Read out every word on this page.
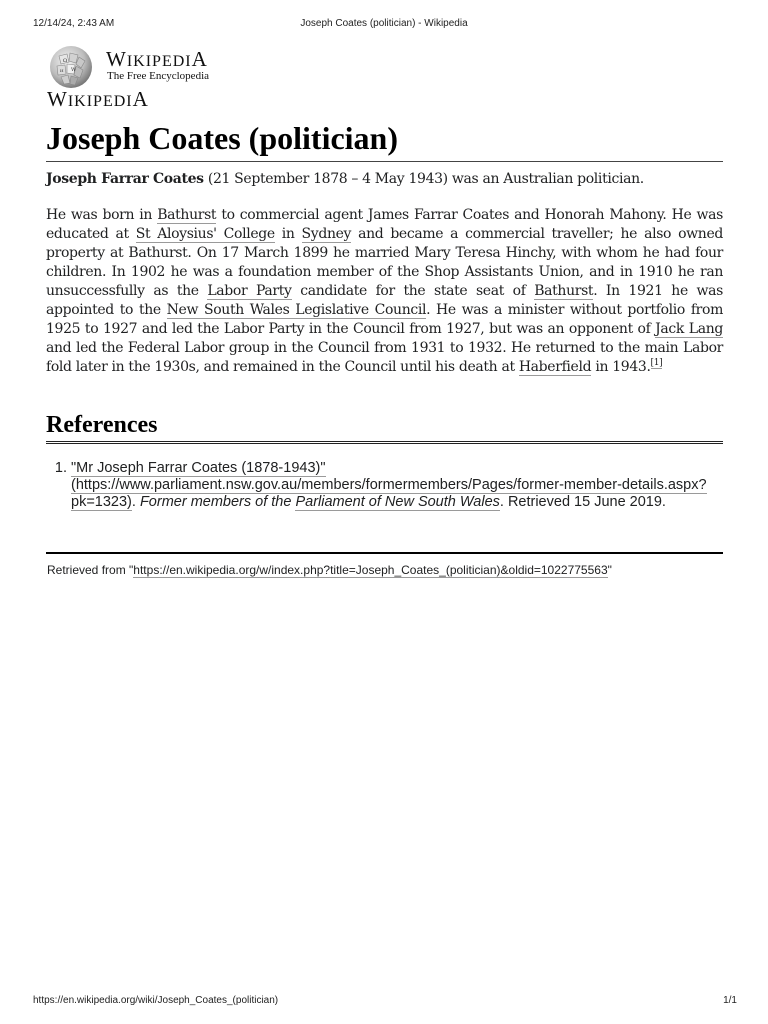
12/14/24, 2:43 AM	Joseph Coates (politician) - Wikipedia
Ω
W
И WIKIPEDIA
The Free Encyclopedia
WIKIPEDIA
Joseph Coates (politician)

Joseph Farrar Coates (21 September 1878 – 4 May 1943) was an Australian politician.

He was born in Bathurst to commercial agent James Farrar Coates and Honorah Mahony. He was educated at St Aloysius' College in Sydney and became a commercial traveller; he also owned property at Bathurst. On 17 March 1899 he married Mary Teresa Hinchy, with whom he had four children. In 1902 he was a foundation member of the Shop Assistants Union, and in 1910 he ran unsuccessfully as the Labor Party candidate for the state seat of Bathurst. In 1921 he was appointed to the New South Wales Legislative Council. He was a minister without portfolio from 1925 to 1927 and led the Labor Party in the Council from 1927, but was an opponent of Jack Lang and led the Federal Labor group in the Council from 1931 to 1932. He returned to the main Labor fold later in the 1930s, and remained in the Council until his death at Haberfield in 1943.[1]

References
1. "Mr Joseph Farrar Coates (1878-1943)" (https://www.parliament.nsw.gov.au/members/formermembers/Pages/former-member-details.aspx?pk=1323). Former members of the Parliament of New South Wales. Retrieved 15 June 2019.
Retrieved from "https://en.wikipedia.org/w/index.php?title=Joseph_Coates_(politician)&oldid=1022775563"
https://en.wikipedia.org/wiki/Joseph_Coates_(politician)	1/1
